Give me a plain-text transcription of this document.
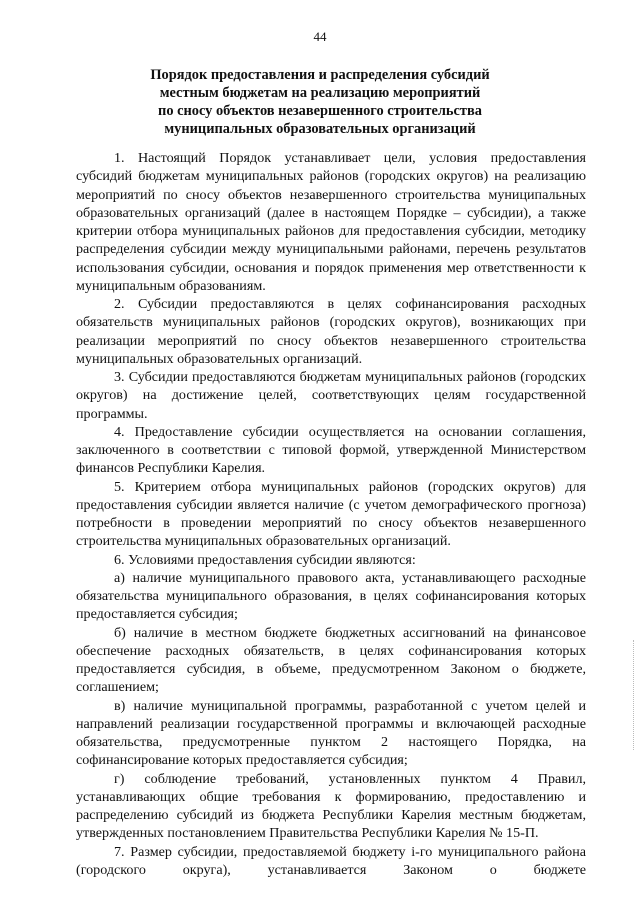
44
Порядок предоставления и распределения субсидий
местным бюджетам на реализацию мероприятий
по сносу объектов незавершенного строительства
муниципальных образовательных организаций

1. Настоящий Порядок устанавливает цели, условия предоставления субсидий бюджетам муниципальных районов (городских округов) на реализацию мероприятий по сносу объектов незавершенного строительства муниципальных образовательных организаций (далее в настоящем Порядке – субсидии), а также критерии отбора муниципальных районов для предоставления субсидии, методику распределения субсидии между муниципальными районами, перечень результатов использования субсидии, основания и порядок применения мер ответственности к муниципальным образованиям.

2. Субсидии предоставляются в целях софинансирования расходных обязательств муниципальных районов (городских округов), возникающих при реализации мероприятий по сносу объектов незавершенного строительства муниципальных образовательных организаций.

3. Субсидии предоставляются бюджетам муниципальных районов (городских округов) на достижение целей, соответствующих целям государственной программы.

4. Предоставление субсидии осуществляется на основании соглашения, заключенного в соответствии с типовой формой, утвержденной Министерством финансов Республики Карелия.

5. Критерием отбора муниципальных районов (городских округов) для предоставления субсидии является наличие (с учетом демографического прогноза) потребности в проведении мероприятий по сносу объектов незавершенного строительства муниципальных образовательных организаций.

6. Условиями предоставления субсидии являются:

а) наличие муниципального правового акта, устанавливающего расходные обязательства муниципального образования, в целях софинансирования которых предоставляется субсидия;

б) наличие в местном бюджете бюджетных ассигнований на финансовое обеспечение расходных обязательств, в целях софинансирования которых предоставляется субсидия, в объеме, предусмотренном Законом о бюджете, соглашением;

в) наличие муниципальной программы, разработанной с учетом целей и направлений реализации государственной программы и включающей расходные обязательства, предусмотренные пунктом 2 настоящего Порядка, на софинансирование которых предоставляется субсидия;

г) соблюдение требований, установленных пунктом 4 Правил, устанавливающих общие требования к формированию, предоставлению и распределению субсидий из бюджета Республики Карелия местным бюджетам, утвержденных постановлением Правительства Республики Карелия № 15-П.

7. Размер субсидии, предоставляемой бюджету i-го муниципального района (городского округа), устанавливается Законом о бюджете
